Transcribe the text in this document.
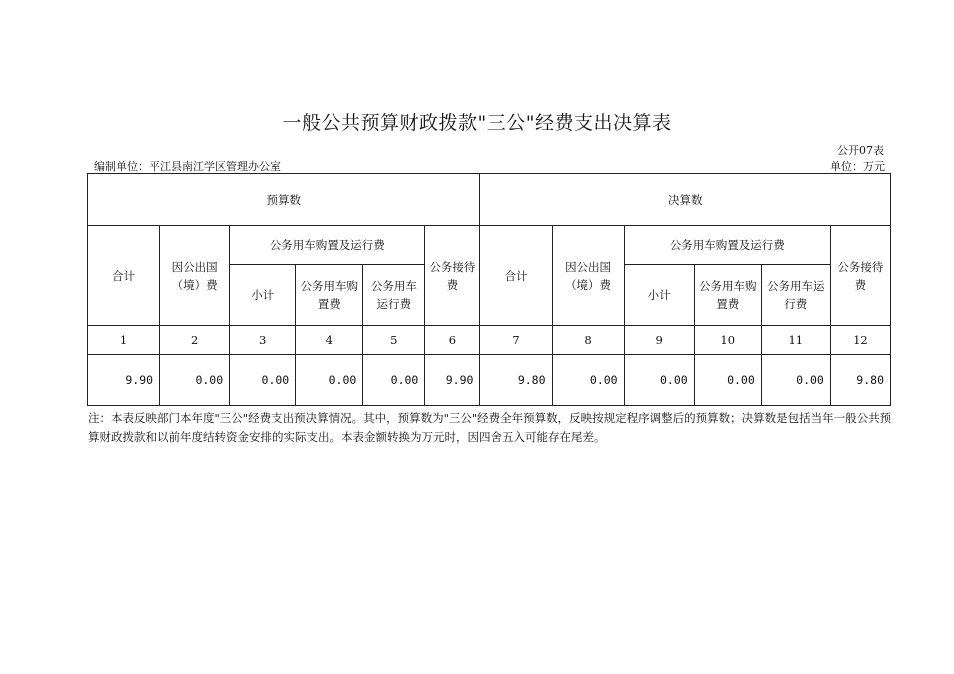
一般公共预算财政拨款"三公"经费支出决算表
公开07表
编制单位：平江县南江学区管理办公室	单位：万元
预算数						决算数					
合计	因公出国（境）费	公务用车购置及运行费			公务接待费	合计	因公出国（境）费	公务用车购置及运行费			公务接待费
		小计	公务用车购置费	公务用车运行费				小计	公务用车购置费	公务用车运行费	
1	2	3	4	5	6	7	8	9	10	11	12
9.90	0.00	0.00	0.00	0.00	9.90	9.80	0.00	0.00	0.00	0.00	9.80
注：本表反映部门本年度"三公"经费支出预决算情况。其中，预算数为"三公"经费全年预算数，反映按规定程序调整后的预算数；决算数是包括当年一般公共预算财政拨款和以前年度结转资金安排的实际支出。本表金额转换为万元时，因四舍五入可能存在尾差。
